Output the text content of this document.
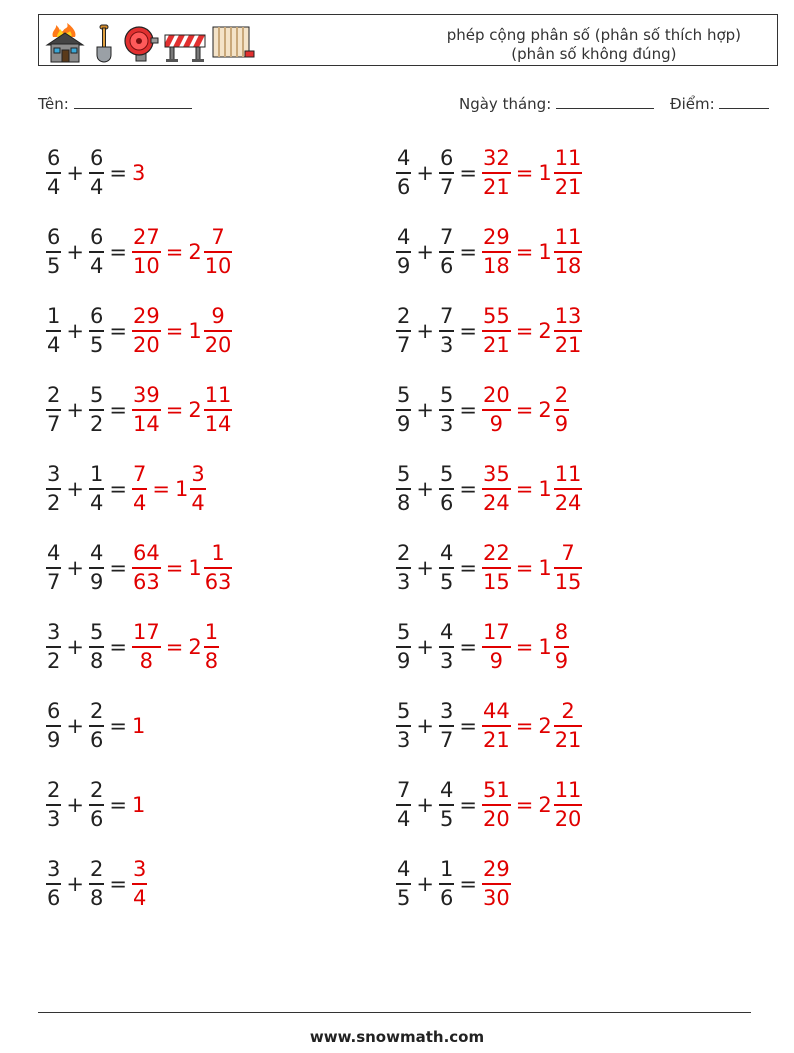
phép cộng phân số (phân số thích hợp)
(phân số không đúng)
Tên:	Ngày tháng:	Điểm:
$\frac{6}{4} + \frac{6}{4} = 3$	$\frac{4}{6} + \frac{6}{7} = \frac{32}{21} = 1 \frac{11}{21}$
$\frac{6}{5} + \frac{6}{4} = \frac{27}{10} = 2 \frac{7}{10}$	$\frac{4}{9} + \frac{7}{6} = \frac{29}{18} = 1 \frac{11}{18}$
$\frac{1}{4} + \frac{6}{5} = \frac{29}{20} = 1 \frac{9}{20}$	$\frac{2}{7} + \frac{7}{3} = \frac{55}{21} = 2 \frac{13}{21}$
$\frac{2}{7} + \frac{5}{2} = \frac{39}{14} = 2 \frac{11}{14}$	$\frac{5}{9} + \frac{5}{3} = \frac{20}{9} = 2 \frac{2}{9}$
$\frac{3}{2} + \frac{1}{4} = \frac{7}{4} = 1 \frac{3}{4}$	$\frac{5}{8} + \frac{5}{6} = \frac{35}{24} = 1 \frac{11}{24}$
$\frac{4}{7} + \frac{4}{9} = \frac{64}{63} = 1 \frac{1}{63}$	$\frac{2}{3} + \frac{4}{5} = \frac{22}{15} = 1 \frac{7}{15}$
$\frac{3}{2} + \frac{5}{8} = \frac{17}{8} = 2 \frac{1}{8}$	$\frac{5}{9} + \frac{4}{3} = \frac{17}{9} = 1 \frac{8}{9}$
$\frac{6}{9} + \frac{2}{6} = 1$	$\frac{5}{3} + \frac{3}{7} = \frac{44}{21} = 2 \frac{2}{21}$
$\frac{2}{3} + \frac{2}{6} = 1$	$\frac{7}{4} + \frac{4}{5} = \frac{51}{20} = 2 \frac{11}{20}$
$\frac{3}{6} + \frac{2}{8} = \frac{3}{4}$	$\frac{4}{5} + \frac{1}{6} = \frac{29}{30}$
www.snowmath.com
